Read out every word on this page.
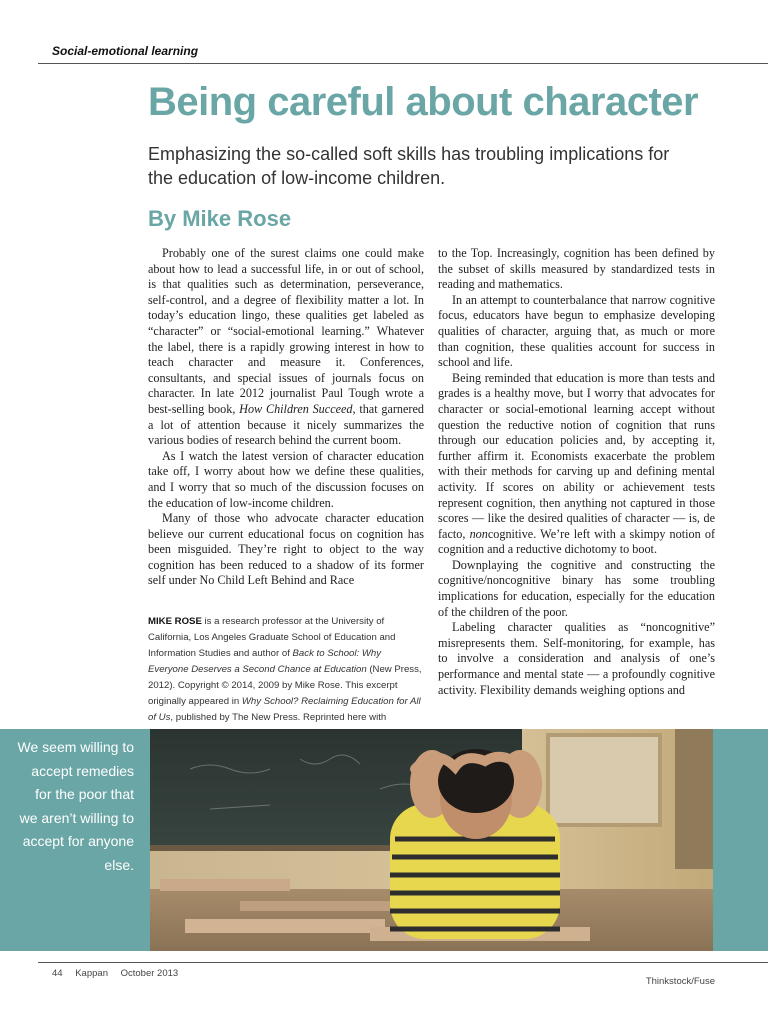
Social-emotional learning
Being careful about character
Emphasizing the so-called soft skills has troubling implications for the education of low-income children.
By Mike Rose

Probably one of the surest claims one could make about how to lead a successful life, in or out of school, is that qualities such as determination, perseverance, self-control, and a degree of flexibility matter a lot. In today’s education lingo, these qualities get labeled as “character” or “social-emotional learning.” Whatever the label, there is a rapidly growing interest in how to teach character and measure it. Conferences, consultants, and special issues of journals focus on character. In late 2012 journalist Paul Tough wrote a best-selling book, How Children Succeed, that garnered a lot of attention because it nicely summarizes the various bodies of research behind the current boom.

As I watch the latest version of character education take off, I worry about how we define these qualities, and I worry that so much of the discussion focuses on the education of low-income children.

Many of those who advocate character education believe our current educational focus on cognition has been misguided. They’re right to object to the way cognition has been reduced to a shadow of its former self under No Child Left Behind and Race

to the Top. Increasingly, cognition has been defined by the subset of skills measured by standardized tests in reading and mathematics.

In an attempt to counterbalance that narrow cognitive focus, educators have begun to emphasize developing qualities of character, arguing that, as much or more than cognition, these qualities account for success in school and life.

Being reminded that education is more than tests and grades is a healthy move, but I worry that advocates for character or social-emotional learning accept without question the reductive notion of cognition that runs through our education policies and, by accepting it, further affirm it. Economists exacerbate the problem with their methods for carving up and defining mental activity. If scores on ability or achievement tests represent cognition, then anything not captured in those scores — like the desired qualities of character — is, de facto, noncognitive. We’re left with a skimpy notion of cognition and a reductive dichotomy to boot.

Downplaying the cognitive and constructing the cognitive/noncognitive binary has some troubling implications for education, especially for the education of the children of the poor.

Labeling character qualities as “noncognitive” misrepresents them. Self-monitoring, for example, has to involve a consideration and analysis of one’s performance and mental state — a profoundly cognitive activity. Flexibility demands weighing options and

MIKE ROSE is a research professor at the University of California, Los Angeles Graduate School of Education and Information Studies and author of Back to School: Why Everyone Deserves a Second Chance at Education (New Press, 2012). Copyright © 2014, 2009 by Mike Rose. This excerpt originally appeared in Why School? Reclaiming Education for All of Us, published by The New Press. Reprinted here with
We seem willing to accept remedies for the poor that we aren’t willing to accept for anyone else.
44 Kappan October 2013
Thinkstock/Fuse
